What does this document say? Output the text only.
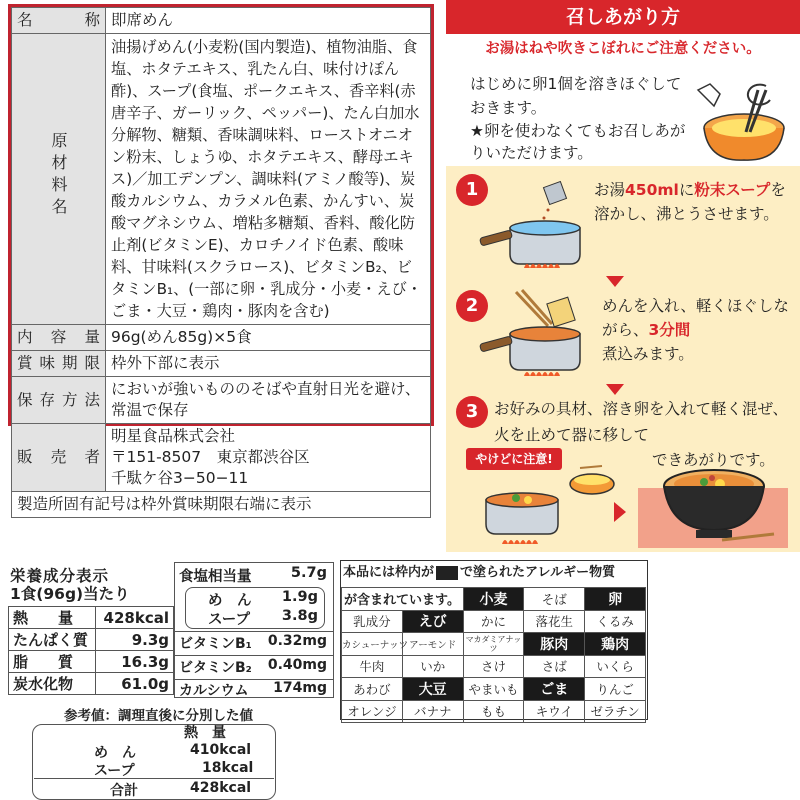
名　称	即席めん
原材料名	油揚げめん(小麦粉(国内製造)、植物油脂、食塩、ホタテエキス、乳たん白、味付けぽん酢)、スープ(食塩、ポークエキス、香辛料(赤唐辛子、ガーリック、ペッパー)、たん白加水分解物、糖類、香味調味料、ローストオニオン粉末、しょうゆ、ホタテエキス、酵母エキス)／加工デンプン、調味料(アミノ酸等)、炭酸カルシウム、カラメル色素、かんすい、炭酸マグネシウム、増粘多糖類、香料、酸化防止剤(ビタミンE)、カロチノイド色素、酸味料、甘味料(スクラロース)、ビタミンB₂、ビタミンB₁、(一部に卵・乳成分・小麦・えび・ごま・大豆・鶏肉・豚肉を含む)
内 容 量	96g(めん85g)×5食
賞味期限	枠外下部に表示
保存方法	においが強いもののそばや直射日光を避け、常温で保存
販 売 者	明星食品株式会社
〒151-8507　東京都渋谷区
千駄ケ谷3−50−11

製造所固有記号は枠外賞味期限右端に表示	
召しあがり方
お湯はねや吹きこぼれにご注意ください。
はじめに卵1個を溶きほぐしておきます。
★卵を使わなくてもお召しあがりいただけます。
1	お湯450mlに粉末スープを溶かし、沸とうさせます。
2	めんを入れ、軽くほぐしながら、3分間
煮込みます。
3	お好みの具材、溶き卵を入れて軽く混ぜ、火を止めて器に移して
できあがりです。
やけどに注意!
栄養成分表示
1食(96g)当たり
熱　　量	428kcal
たんぱく質	9.3g
脂　　質	16.3g
炭水化物	61.0g
食塩相当量	5.7g
め　ん 1.9g
スープ 3.8g
ビタミンB₁ 0.32mg
ビタミンB₂ 0.40mg
カルシウム 174mg
参考値：調理直後に分別した値
熱　量
め　ん	410kcal
スープ	18kcal
合計	428kcal
本品には枠内が で塗られたアレルギー物質
が含まれています。		小麦	そば	卵
乳成分	えび	かに	落花生	くるみ
カシューナッツ	アーモンド	マカダミアナッツ	豚肉	鶏肉
牛肉	いか	さけ	さば	いくら
あわび	大豆	やまいも	ごま	りんご
オレンジ	バナナ	もも	キウイ	ゼラチン
